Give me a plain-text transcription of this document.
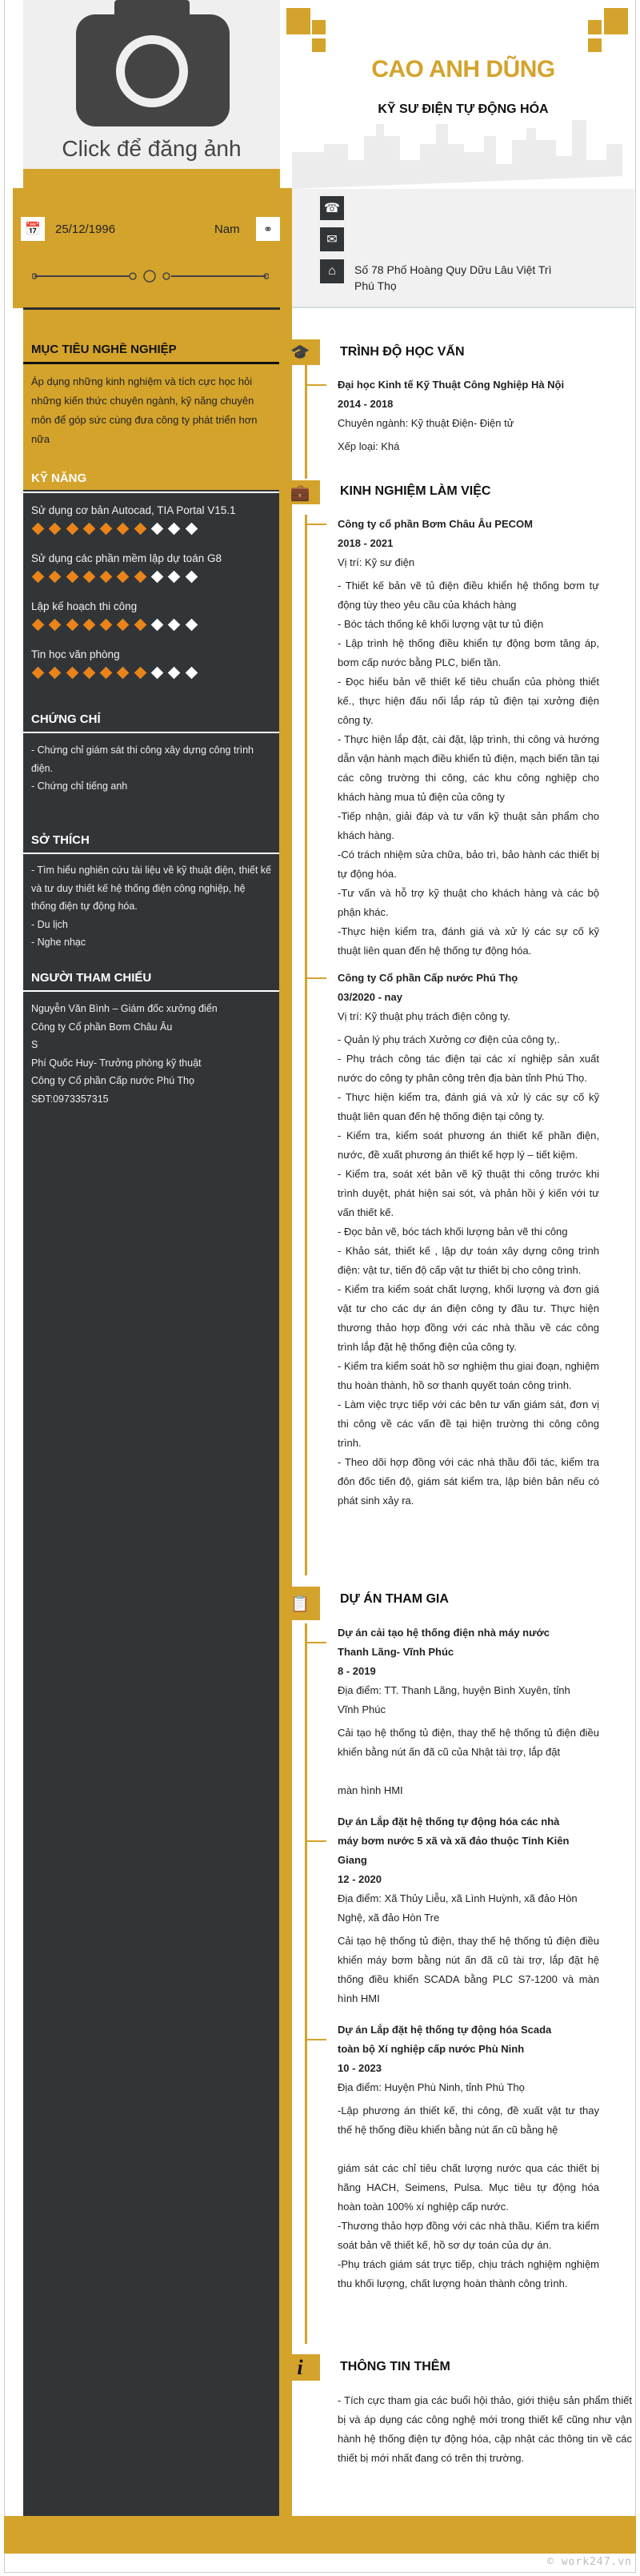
Click để đăng ảnh
📅	25/12/1996	Nam	⚭
MỤC TIÊU NGHỀ NGHIỆP
Áp dụng những kinh nghiệm và tích cực học hỏi những kiến thức chuyên ngành, kỹ năng chuyên môn để góp sức cùng đưa công ty phát triển hơn nữa
KỸ NĂNG
Sử dụng cơ bản Autocad, TIA Portal V15.1
Sử dụng các phần mềm lập dự toán G8
Lập kế hoạch thi công
Tin học văn phòng
CHỨNG CHỈ
- Chứng chỉ giám sát thi công xây dựng công trình điện.
- Chứng chỉ tiếng anh
SỞ THÍCH
- Tìm hiểu nghiên cứu tài liệu về kỹ thuật điện, thiết kế và tư duy thiết kế hệ thống điện công nghiệp, hệ thống điện tự động hóa.
- Du lịch
- Nghe nhạc
NGƯỜI THAM CHIẾU
Nguyễn Văn Bình – Giám đốc xưởng điển
Công ty Cổ phần Bơm Châu Âu
S
Phí Quốc Huy- Trưởng phòng kỹ thuật
Công ty Cổ phần Cấp nước Phú Thọ
SĐT:0973357315
CAO ANH DŨNG
KỸ SƯ ĐIỆN TỰ ĐỘNG HÓA
☎
✉
⌂	Số 78 Phố Hoàng Quy Dữu Lâu Việt Trì Phú Thọ
🎓	TRÌNH ĐỘ HỌC VẤN
💼	KINH NGHIỆM LÀM VIỆC
📋	DỰ ÁN THAM GIA
i	THÔNG TIN THÊM
- Tích cực tham gia các buổi hội thảo, giới thiệu sản phẩm thiết bị và áp dụng các công nghệ mới trong thiết kế cũng như vận hành hệ thống điện tự động hóa, cập nhật các thông tin về các thiết bị mới nhất đang có trên thị trường.
Đại học Kinh tế Kỹ Thuật Công Nghiệp Hà Nội
2014 - 2018
Chuyên ngành: Kỹ thuật Điện- Điện tử
Xếp loại: Khá
Công ty cổ phần Bơm Châu Âu PECOM
2018 - 2021
Vị trí: Kỹ sư điện
- Thiết kế bản vẽ tủ điện điều khiển hệ thống bơm tự động tùy theo yêu cầu của khách hàng
- Bóc tách thống kê khối lượng vật tư tủ điện
- Lập trình hệ thống điều khiển tự động bơm tăng áp, bơm cấp nước bằng PLC, biến tần.
- Đọc hiểu bản vẽ thiết kế tiêu chuẩn của phòng thiết kế., thực hiện đấu nối lắp ráp tủ điện tại xưởng điện công ty.
- Thực hiện lắp đặt, cài đặt, lập trình, thi công và hướng dẫn vận hành mạch điều khiển tủ điện, mạch biến tần tại các công trường thi công, các khu công nghiệp cho khách hàng mua tủ điện của công ty
-Tiếp nhận, giải đáp và tư vấn kỹ thuật sản phẩm cho khách hàng.
-Có trách nhiệm sửa chữa, bảo trì, bảo hành các thiết bị tự động hóa.
-Tư vấn và hỗ trợ kỹ thuật cho khách hàng và các bộ phận khác.
-Thực hiện kiểm tra, đánh giá và xử lý các sự cố kỹ thuật liên quan đến hệ thống tự động hóa.
Công ty Cổ phần Cấp nước Phú Thọ
03/2020 - nay
Vị trí: Kỹ thuật phụ trách điện công ty.
- Quản lý phụ trách Xưởng cơ điện của công ty,.
- Phụ trách công tác điện tại các xí nghiệp sản xuất nước do công ty phân công trên địa bàn tỉnh Phú Thọ.
- Thực hiện kiểm tra, đánh giá và xử lý các sự cố kỹ thuật liên quan đến hệ thống điện tại công ty.
- Kiểm tra, kiểm soát phương án thiết kế phần điện, nước, đề xuất phương án thiết kế hợp lý – tiết kiệm.
- Kiểm tra, soát xét bản vẽ kỹ thuật thi công trước khi trình duyệt, phát hiện sai sót, và phản hồi ý kiến với tư vấn thiết kế.
- Đọc bản vẽ, bóc tách khối lượng bản vẽ thi công
- Khảo sát, thiết kế , lập dự toán xây dựng công trình điện: vật tư, tiến độ cấp vật tư thiết bị cho công trình.
- Kiểm tra kiểm soát chất lượng, khối lượng và đơn giá vật tư cho các dự án điện công ty đầu tư. Thực hiện thương thảo hợp đồng với các nhà thầu về các công trình lắp đặt hệ thống điện của công ty.
- Kiểm tra kiểm soát hồ sơ nghiệm thu giai đoạn, nghiệm thu hoàn thành, hồ sơ thanh quyết toán công trình.
- Làm việc trực tiếp với các bên tư vấn giám sát, đơn vị thi công về các vấn đề tại hiện trường thi công công trình.
- Theo dõi hợp đồng với các nhà thầu đối tác, kiểm tra đôn đốc tiến độ, giám sát kiểm tra, lập biên bản nếu có phát sinh xảy ra.
Dự án cải tạo hệ thống điện nhà máy nước Thanh Lãng- Vĩnh Phúc
8 - 2019
Địa điểm: TT. Thanh Lãng, huyện Bình Xuyên, tỉnh Vĩnh Phúc
Cải tạo hệ thống tủ điện, thay thế hệ thống tủ điện điều khiển bằng nút ấn đã cũ của Nhật tài trợ, lắp đặt
màn hình HMI
Dự án Lắp đặt hệ thống tự động hóa các nhà máy bơm nước 5 xã và xã đảo thuộc Tỉnh Kiên Giang
12 - 2020
Địa điểm: Xã Thủy Liễu, xã Lình Huỳnh, xã đảo Hòn Nghệ, xã đảo Hòn Tre
Cải tạo hệ thống tủ điện, thay thế hệ thống tủ điện điều khiển máy bơm bằng nút ấn đã cũ tài trợ, lắp đặt hệ thống điều khiển SCADA bằng PLC S7-1200 và màn hình HMI
Dự án Lắp đặt hệ thống tự động hóa Scada toàn bộ Xí nghiệp cấp nước Phù Ninh
10 - 2023
Địa điểm: Huyện Phù Ninh, tỉnh Phú Thọ
-Lập phương án thiết kế, thi công, đề xuất vật tư thay thế hệ thống điều khiển bằng nút ấn cũ bằng hệ
giám sát các chỉ tiêu chất lượng nước qua các thiết bị hãng HACH, Seimens, Pulsa. Mục tiêu tự động hóa hoàn toàn 100% xí nghiệp cấp nước.
-Thương thảo hợp đồng với các nhà thầu. Kiểm tra kiểm soát bản vẽ thiết kế, hồ sơ dự toán của dự án.
-Phụ trách giám sát trực tiếp, chịu trách nghiệm nghiệm thu khối lượng, chất lượng hoàn thành công trình.
© work247.vn
